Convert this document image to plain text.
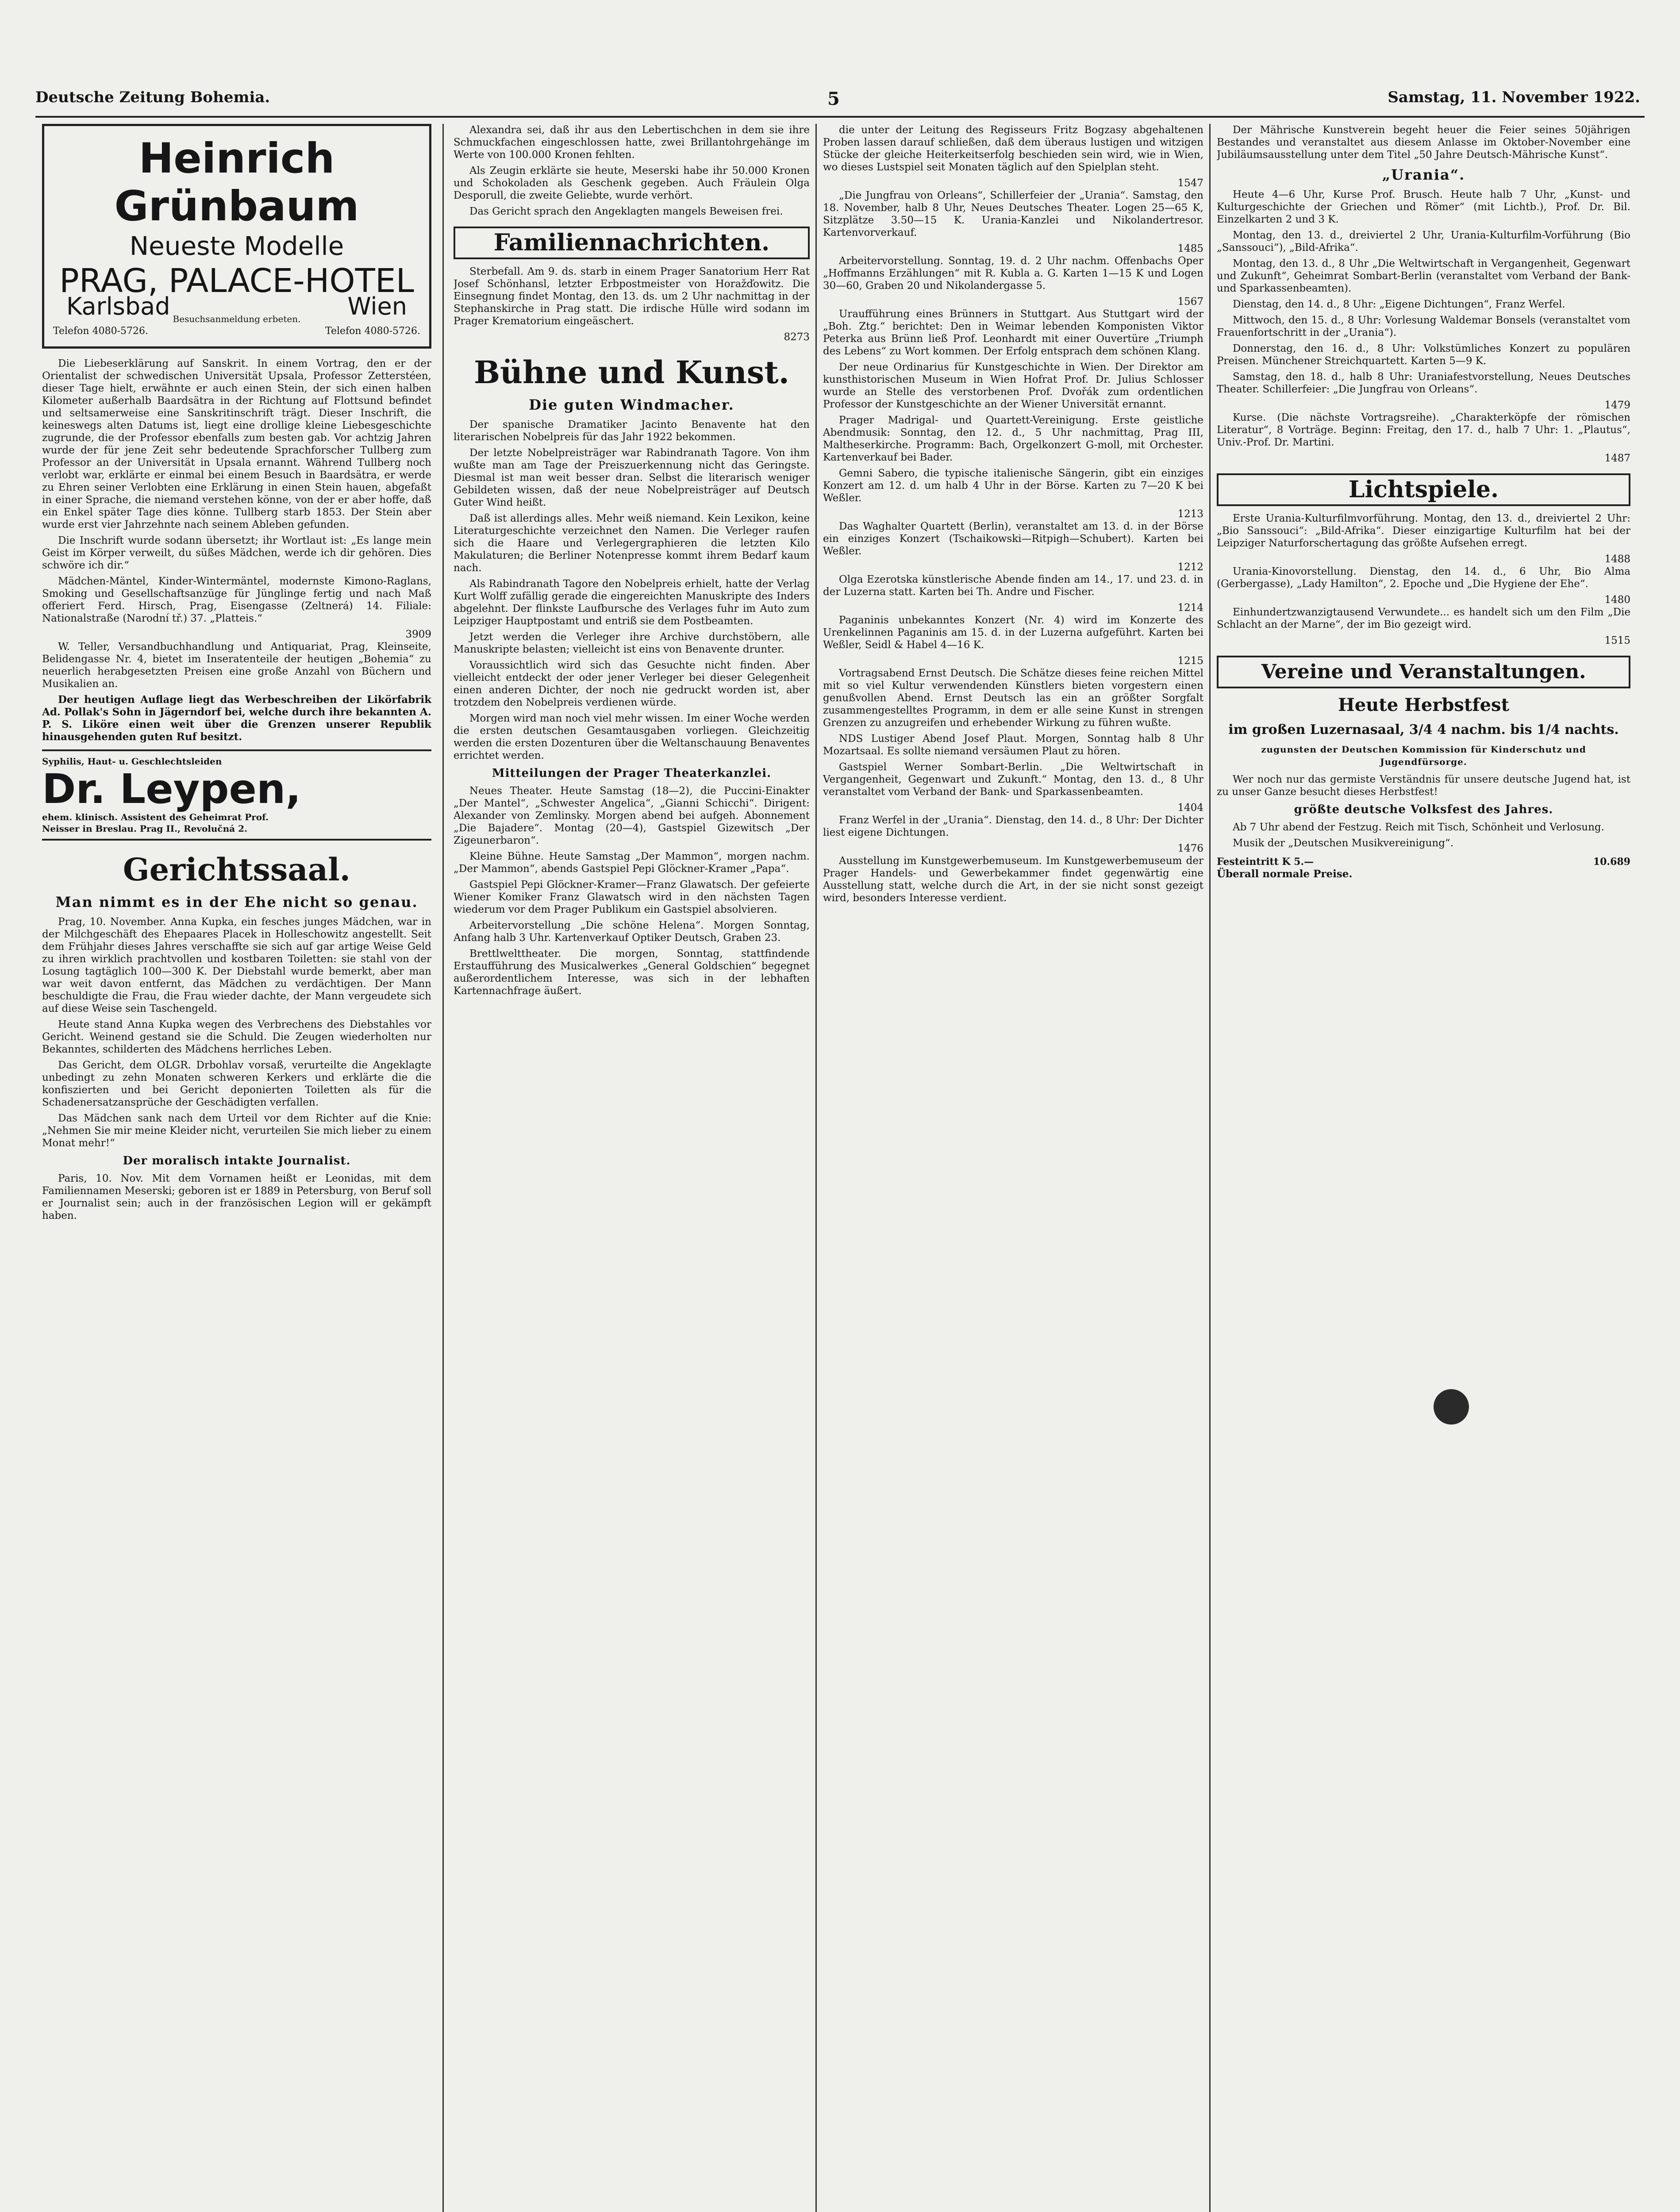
Deutsche Zeitung Bohemia.	5	Samstag, 11. November 1922.
Heinrich Grünbaum
Neueste Modelle
PRAG, PALACE-HOTEL
Karlsbad	Wien
Besuchsanmeldung erbeten.
Telefon 4080-5726.	Telefon 4080-5726.

Die Liebeserklärung auf Sanskrit. In einem Vortrag, den er der Orientalist der schwedischen Universität Upsala, Professor Zetterstéen, dieser Tage hielt, erwähnte er auch einen Stein, der sich einen halben Kilometer außerhalb Baardsätra in der Richtung auf Flottsund befindet und seltsamerweise eine Sanskritinschrift trägt. Dieser Inschrift, die keineswegs alten Datums ist, liegt eine drollige kleine Liebesgeschichte zugrunde, die der Professor ebenfalls zum besten gab. Vor achtzig Jahren wurde der für jene Zeit sehr bedeutende Sprachforscher Tullberg zum Professor an der Universität in Upsala ernannt. Während Tullberg noch verlobt war, erklärte er einmal bei einem Besuch in Baardsätra, er werde zu Ehren seiner Verlobten eine Erklärung in einen Stein hauen, abgefaßt in einer Sprache, die niemand verstehen könne, von der er aber hoffe, daß ein Enkel später Tage dies könne. Tullberg starb 1853. Der Stein aber wurde erst vier Jahrzehnte nach seinem Ableben gefunden.

Die Inschrift wurde sodann übersetzt; ihr Wortlaut ist: „Es lange mein Geist im Körper verweilt, du süßes Mädchen, werde ich dir gehören. Dies schwöre ich dir.“

Mädchen-Mäntel, Kinder-Wintermäntel, modernste Kimono-Raglans, Smoking und Gesellschaftsanzüge für Jünglinge fertig und nach Maß offeriert Ferd. Hirsch, Prag, Eisengasse (Zeltnerá) 14. Filiale: Nationalstraße (Narodní tř.) 37. „Platteis.“

3909

W. Teller, Versandbuchhandlung und Antiquariat, Prag, Kleinseite, Belidengasse Nr. 4, bietet im Inseratenteile der heutigen „Bohemia“ zu neuerlich herabgesetzten Preisen eine große Anzahl von Büchern und Musikalien an.

Der heutigen Auflage liegt das Werbeschreiben der Likörfabrik Ad. Pollak's Sohn in Jägerndorf bei, welche durch ihre bekannten A. P. S. Liköre einen weit über die Grenzen unserer Republik hinausgehenden guten Ruf besitzt.

Syphilis, Haut- u. Geschlechtsleiden
Dr. Leypen,
ehem. klinisch. Assistent des Geheimrat Prof.
Neisser in Breslau. Prag II., Revolučná 2.
Gerichtssaal.
Man nimmt es in der Ehe nicht so genau.

Prag, 10. November. Anna Kupka, ein fesches junges Mädchen, war in der Milchgeschäft des Ehepaares Placek in Holleschowitz angestellt. Seit dem Frühjahr dieses Jahres verschaffte sie sich auf gar artige Weise Geld zu ihren wirklich prachtvollen und kostbaren Toiletten: sie stahl von der Losung tagtäglich 100—300 K. Der Diebstahl wurde bemerkt, aber man war weit davon entfernt, das Mädchen zu verdächtigen. Der Mann beschuldigte die Frau, die Frau wieder dachte, der Mann vergeudete sich auf diese Weise sein Taschengeld.

Heute stand Anna Kupka wegen des Verbrechens des Diebstahles vor Gericht. Weinend gestand sie die Schuld. Die Zeugen wiederholten nur Bekanntes, schilderten des Mädchens herrliches Leben.

Das Gericht, dem OLGR. Drbohlav vorsaß, verurteilte die Angeklagte unbedingt zu zehn Monaten schweren Kerkers und erklärte die die konfiszierten und bei Gericht deponierten Toiletten als für die Schadenersatzansprüche der Geschädigten verfallen.

Das Mädchen sank nach dem Urteil vor dem Richter auf die Knie: „Nehmen Sie mir meine Kleider nicht, verurteilen Sie mich lieber zu einem Monat mehr!“

Der moralisch intakte Journalist.

Paris, 10. Nov. Mit dem Vornamen heißt er Leonidas, mit dem Familiennamen Meserski; geboren ist er 1889 in Petersburg, von Beruf soll er Journalist sein; auch in der französischen Legion will er gekämpft haben.

Alexandra sei, daß ihr aus den Lebertischchen in dem sie ihre Schmuckfachen eingeschlossen hatte, zwei Brillantohrgehänge im Werte von 100.000 Kronen fehlten.

Als Zeugin erklärte sie heute, Meserski habe ihr 50.000 Kronen und Schokoladen als Geschenk gegeben. Auch Fräulein Olga Desporull, die zweite Geliebte, wurde verhört.

Das Gericht sprach den Angeklagten mangels Beweisen frei.

Familiennachrichten.

Sterbefall. Am 9. ds. starb in einem Prager Sanatorium Herr Rat Josef Schönhansl, letzter Erbpostmeister von Horažďowitz. Die Einsegnung findet Montag, den 13. ds. um 2 Uhr nachmittag in der Stephanskirche in Prag statt. Die irdische Hülle wird sodann im Prager Krematorium eingeäschert.

8273
Bühne und Kunst.
Die guten Windmacher.

Der spanische Dramatiker Jacinto Benavente hat den literarischen Nobelpreis für das Jahr 1922 bekommen.

Der letzte Nobelpreisträger war Rabindranath Tagore. Von ihm wußte man am Tage der Preiszuerkennung nicht das Geringste. Diesmal ist man weit besser dran. Selbst die literarisch weniger Gebildeten wissen, daß der neue Nobelpreisträger auf Deutsch Guter Wind heißt.

Daß ist allerdings alles. Mehr weiß niemand. Kein Lexikon, keine Literaturgeschichte verzeichnet den Namen. Die Verleger raufen sich die Haare und Verlegergraphieren die letzten Kilo Makulaturen; die Berliner Notenpresse kommt ihrem Bedarf kaum nach.

Als Rabindranath Tagore den Nobelpreis erhielt, hatte der Verlag Kurt Wolff zufällig gerade die eingereichten Manuskripte des Inders abgelehnt. Der flinkste Laufbursche des Verlages fuhr im Auto zum Leipziger Hauptpostamt und entriß sie dem Postbeamten.

Jetzt werden die Verleger ihre Archive durchstöbern, alle Manuskripte belasten; vielleicht ist eins von Benavente drunter.

Voraussichtlich wird sich das Gesuchte nicht finden. Aber vielleicht entdeckt der oder jener Verleger bei dieser Gelegenheit einen anderen Dichter, der noch nie gedruckt worden ist, aber trotzdem den Nobelpreis verdienen würde.

Morgen wird man noch viel mehr wissen. Im einer Woche werden die ersten deutschen Gesamtausgaben vorliegen. Gleichzeitig werden die ersten Dozenturen über die Weltanschauung Benaventes errichtet werden.

Mitteilungen der Prager Theaterkanzlei.

Neues Theater. Heute Samstag (18—2), die Puccini-Einakter „Der Mantel“, „Schwester Angelica“, „Gianni Schicchi“. Dirigent: Alexander von Zemlinsky. Morgen abend bei aufgeh. Abonnement „Die Bajadere“. Montag (20—4), Gastspiel Gizewitsch „Der Zigeunerbaron“.

Kleine Bühne. Heute Samstag „Der Mammon“, morgen nachm. „Der Mammon“, abends Gastspiel Pepi Glöckner-Kramer „Papa“.

Gastspiel Pepi Glöckner-Kramer—Franz Glawatsch. Der gefeierte Wiener Komiker Franz Glawatsch wird in den nächsten Tagen wiederum vor dem Prager Publikum ein Gastspiel absolvieren.

Arbeitervorstellung „Die schöne Helena“. Morgen Sonntag, Anfang halb 3 Uhr. Kartenverkauf Optiker Deutsch, Graben 23.

Brettlwelttheater. Die morgen, Sonntag, stattfindende Erstaufführung des Musicalwerkes „General Goldschien“ begegnet außerordentlichem Interesse, was sich in der lebhaften Kartennachfrage äußert.

die unter der Leitung des Regisseurs Fritz Bogzasy abgehaltenen Proben lassen darauf schließen, daß dem überaus lustigen und witzigen Stücke der gleiche Heiterkeitserfolg beschieden sein wird, wie in Wien, wo dieses Lustspiel seit Monaten täglich auf den Spielplan steht.

1547

„Die Jungfrau von Orleans“, Schillerfeier der „Urania“. Samstag, den 18. November, halb 8 Uhr, Neues Deutsches Theater. Logen 25—65 K, Sitzplätze 3.50—15 K. Urania-Kanzlei und Nikolandertresor. Kartenvorverkauf.

1485

Arbeitervorstellung. Sonntag, 19. d. 2 Uhr nachm. Offenbachs Oper „Hoffmanns Erzählungen“ mit R. Kubla a. G. Karten 1—15 K und Logen 30—60, Graben 20 und Nikolandergasse 5.

1567

Uraufführung eines Brünners in Stuttgart. Aus Stuttgart wird der „Boh. Ztg.“ berichtet: Den in Weimar lebenden Komponisten Viktor Peterka aus Brünn ließ Prof. Leonhardt mit einer Ouvertüre „Triumph des Lebens“ zu Wort kommen. Der Erfolg entsprach dem schönen Klang.

Der neue Ordinarius für Kunstgeschichte in Wien. Der Direktor am kunsthistorischen Museum in Wien Hofrat Prof. Dr. Julius Schlosser wurde an Stelle des verstorbenen Prof. Dvořák zum ordentlichen Professor der Kunstgeschichte an der Wiener Universität ernannt.

Prager Madrigal- und Quartett-Vereinigung. Erste geistliche Abendmusik: Sonntag, den 12. d., 5 Uhr nachmittag, Prag III, Maltheserkirche. Programm: Bach, Orgelkonzert G-moll, mit Orchester. Kartenverkauf bei Bader.

Gemni Sabero, die typische italienische Sängerin, gibt ein einziges Konzert am 12. d. um halb 4 Uhr in der Börse. Karten zu 7—20 K bei Weßler.

1213

Das Waghalter Quartett (Berlin), veranstaltet am 13. d. in der Börse ein einziges Konzert (Tschaikowski—Ritpigh—Schubert). Karten bei Weßler.

1212

Olga Ezerotska künstlerische Abende finden am 14., 17. und 23. d. in der Luzerna statt. Karten bei Th. Andre und Fischer.

1214

Paganinis unbekanntes Konzert (Nr. 4) wird im Konzerte des Urenkelinnen Paganinis am 15. d. in der Luzerna aufgeführt. Karten bei Weßler, Seidl & Habel 4—16 K.

1215

Vortragsabend Ernst Deutsch. Die Schätze dieses feine reichen Mittel mit so viel Kultur verwendenden Künstlers bieten vorgestern einen genußvollen Abend. Ernst Deutsch las ein an größter Sorgfalt zusammengestelltes Programm, in dem er alle seine Kunst in strengen Grenzen zu anzugreifen und erhebender Wirkung zu führen wußte.

NDS Lustiger Abend Josef Plaut. Morgen, Sonntag halb 8 Uhr Mozartsaal. Es sollte niemand versäumen Plaut zu hören.

Gastspiel Werner Sombart-Berlin. „Die Weltwirtschaft in Vergangenheit, Gegenwart und Zukunft.“ Montag, den 13. d., 8 Uhr veranstaltet vom Verband der Bank- und Sparkassenbeamten.

1404

Franz Werfel in der „Urania“. Dienstag, den 14. d., 8 Uhr: Der Dichter liest eigene Dichtungen.

1476

Ausstellung im Kunstgewerbemuseum. Im Kunstgewerbemuseum der Prager Handels- und Gewerbekammer findet gegenwärtig eine Ausstellung statt, welche durch die Art, in der sie nicht sonst gezeigt wird, besonders Interesse verdient.

Der Mährische Kunstverein begeht heuer die Feier seines 50jährigen Bestandes und veranstaltet aus diesem Anlasse im Oktober-November eine Jubiläumsausstellung unter dem Titel „50 Jahre Deutsch-Mährische Kunst“.

„Urania“.

Heute 4—6 Uhr, Kurse Prof. Brusch. Heute halb 7 Uhr, „Kunst- und Kulturgeschichte der Griechen und Römer“ (mit Lichtb.), Prof. Dr. Bil. Einzelkarten 2 und 3 K.

Montag, den 13. d., dreiviertel 2 Uhr, Urania-Kulturfilm-Vorführung (Bio „Sanssouci“), „Bild-Afrika“.

Montag, den 13. d., 8 Uhr „Die Weltwirtschaft in Vergangenheit, Gegenwart und Zukunft“, Geheimrat Sombart-Berlin (veranstaltet vom Verband der Bank- und Sparkassenbeamten).

Dienstag, den 14. d., 8 Uhr: „Eigene Dichtungen“, Franz Werfel.

Mittwoch, den 15. d., 8 Uhr: Vorlesung Waldemar Bonsels (veranstaltet vom Frauenfortschritt in der „Urania“).

Donnerstag, den 16. d., 8 Uhr: Volkstümliches Konzert zu populären Preisen. Münchener Streichquartett. Karten 5—9 K.

Samstag, den 18. d., halb 8 Uhr: Uraniafestvorstellung, Neues Deutsches Theater. Schillerfeier: „Die Jungfrau von Orleans“.

1479

Kurse. (Die nächste Vortragsreihe). „Charakterköpfe der römischen Literatur“, 8 Vorträge. Beginn: Freitag, den 17. d., halb 7 Uhr: 1. „Plautus“, Univ.-Prof. Dr. Martini.

1487
Lichtspiele.

Erste Urania-Kulturfilmvorführung. Montag, den 13. d., dreiviertel 2 Uhr: „Bio Sanssouci“: „Bild-Afrika“. Dieser einzigartige Kulturfilm hat bei der Leipziger Naturforschertagung das größte Aufsehen erregt.

1488

Urania-Kinovorstellung. Dienstag, den 14. d., 6 Uhr, Bio Alma (Gerbergasse), „Lady Hamilton“, 2. Epoche und „Die Hygiene der Ehe“.

1480

Einhundertzwanzigtausend Verwundete... es handelt sich um den Film „Die Schlacht an der Marne“, der im Bio gezeigt wird.

1515
Vereine und Veranstaltungen.
Heute Herbstfest
im großen Luzernasaal, 3/4 4 nachm. bis 1/4 nachts.
zugunsten der Deutschen Kommission für Kinderschutz und Jugendfürsorge.

Wer noch nur das germiste Verständnis für unsere deutsche Jugend hat, ist zu unser Ganze besucht dieses Herbstfest!

größte deutsche Volksfest des Jahres.

Ab 7 Uhr abend der Festzug. Reich mit Tisch, Schönheit und Verlosung.

Musik der „Deutschen Musikvereinigung“.

Festeintritt K 5.—	10.689
Überall normale Preise.
